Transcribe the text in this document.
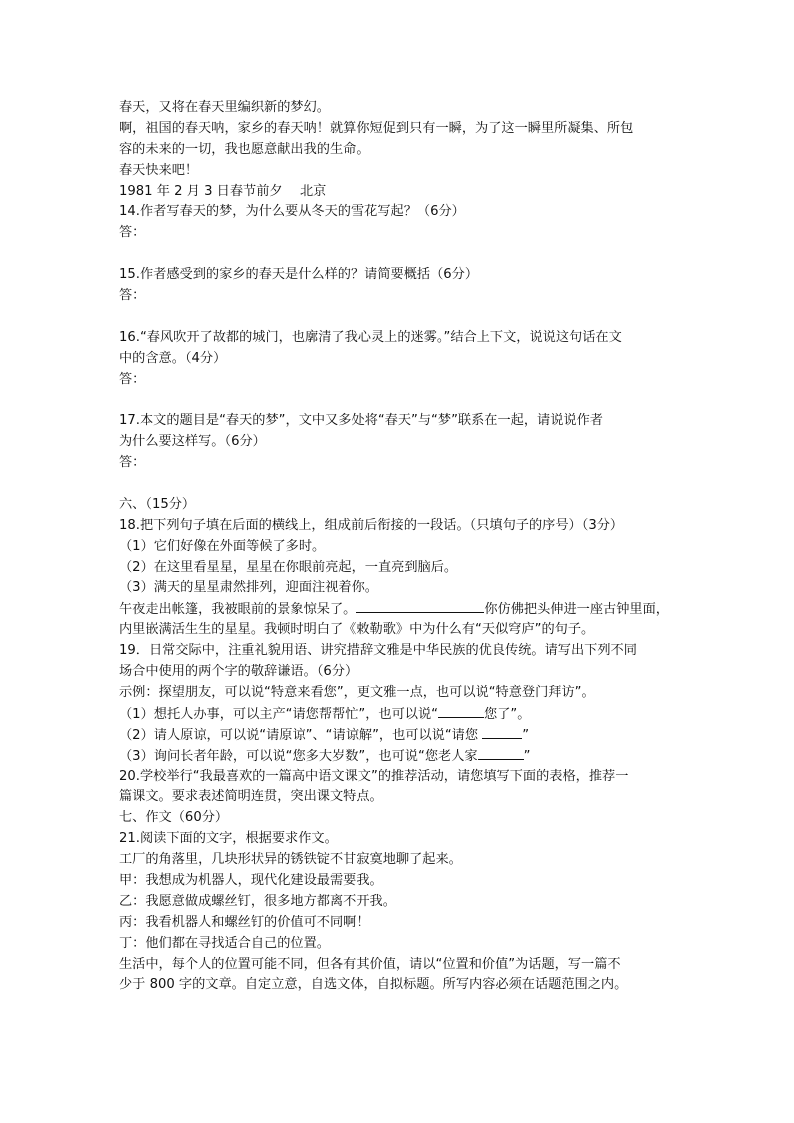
春天，又将在春天里编织新的梦幻。
啊，祖国的春天呐，家乡的春天呐！就算你短促到只有一瞬，为了这一瞬里所凝集、所包
容的未来的一切，我也愿意献出我的生命。
春天快来吧！
1981 年 2 月 3 日春节前夕　 北京
14.作者写春天的梦，为什么要从冬天的雪花写起？（6分）
答：
15.作者感受到的家乡的春天是什么样的？请简要概括（6分）
答：
16.“春风吹开了故都的城门，也廓清了我心灵上的迷雾。”结合上下文，说说这句话在文
中的含意。（4分）
答：
17.本文的题目是“春天的梦”，文中又多处将“春天”与“梦”联系在一起，请说说作者
为什么要这样写。（6分）
答：
六、（15分）
18.把下列句子填在后面的横线上，组成前后衔接的一段话。（只填句子的序号）（3分）
（1）它们好像在外面等候了多时。
（2）在这里看星星，星星在你眼前亮起，一直亮到脑后。
（3）满天的星星肃然排列，迎面注视着你。
午夜走出帐篷，我被眼前的景象惊呆了。	你仿佛把头伸进一座古钟里面，
内里嵌满活生生的星星。我顿时明白了《敕勒歌》中为什么有“天似穹庐”的句子。
19．日常交际中，注重礼貌用语、讲究措辞文雅是中华民族的优良传统。请写出下列不同
场合中使用的两个字的敬辞谦语。（6分）
示例：探望朋友，可以说“特意来看您”，更文雅一点，也可以说“特意登门拜访”。
（1）想托人办事，可以主产“请您帮帮忙”，也可以说“	您了”。
（2）请人原谅，可以说“请原谅”、“请谅解”，也可以说“请您	”
（3）询问长者年龄，可以说“您多大岁数”，也可说“您老人家	”
20.学校举行“我最喜欢的一篇高中语文课文”的推荐活动，请您填写下面的表格，推荐一
篇课文。要求表述简明连贯，突出课文特点。
七、作文（60分）
21.阅读下面的文字，根据要求作文。
工厂的角落里，几块形状异的锈铁锭不甘寂寞地聊了起来。
甲：我想成为机器人，现代化建设最需要我。
乙：我愿意做成螺丝钉，很多地方都离不开我。
丙：我看机器人和螺丝钉的价值可不同啊！
丁：他们都在寻找适合自己的位置。
生活中，每个人的位置可能不同，但各有其价值，请以“位置和价值”为话题，写一篇不
少于 800 字的文章。自定立意，自选文体，自拟标题。所写内容必须在话题范围之内。
